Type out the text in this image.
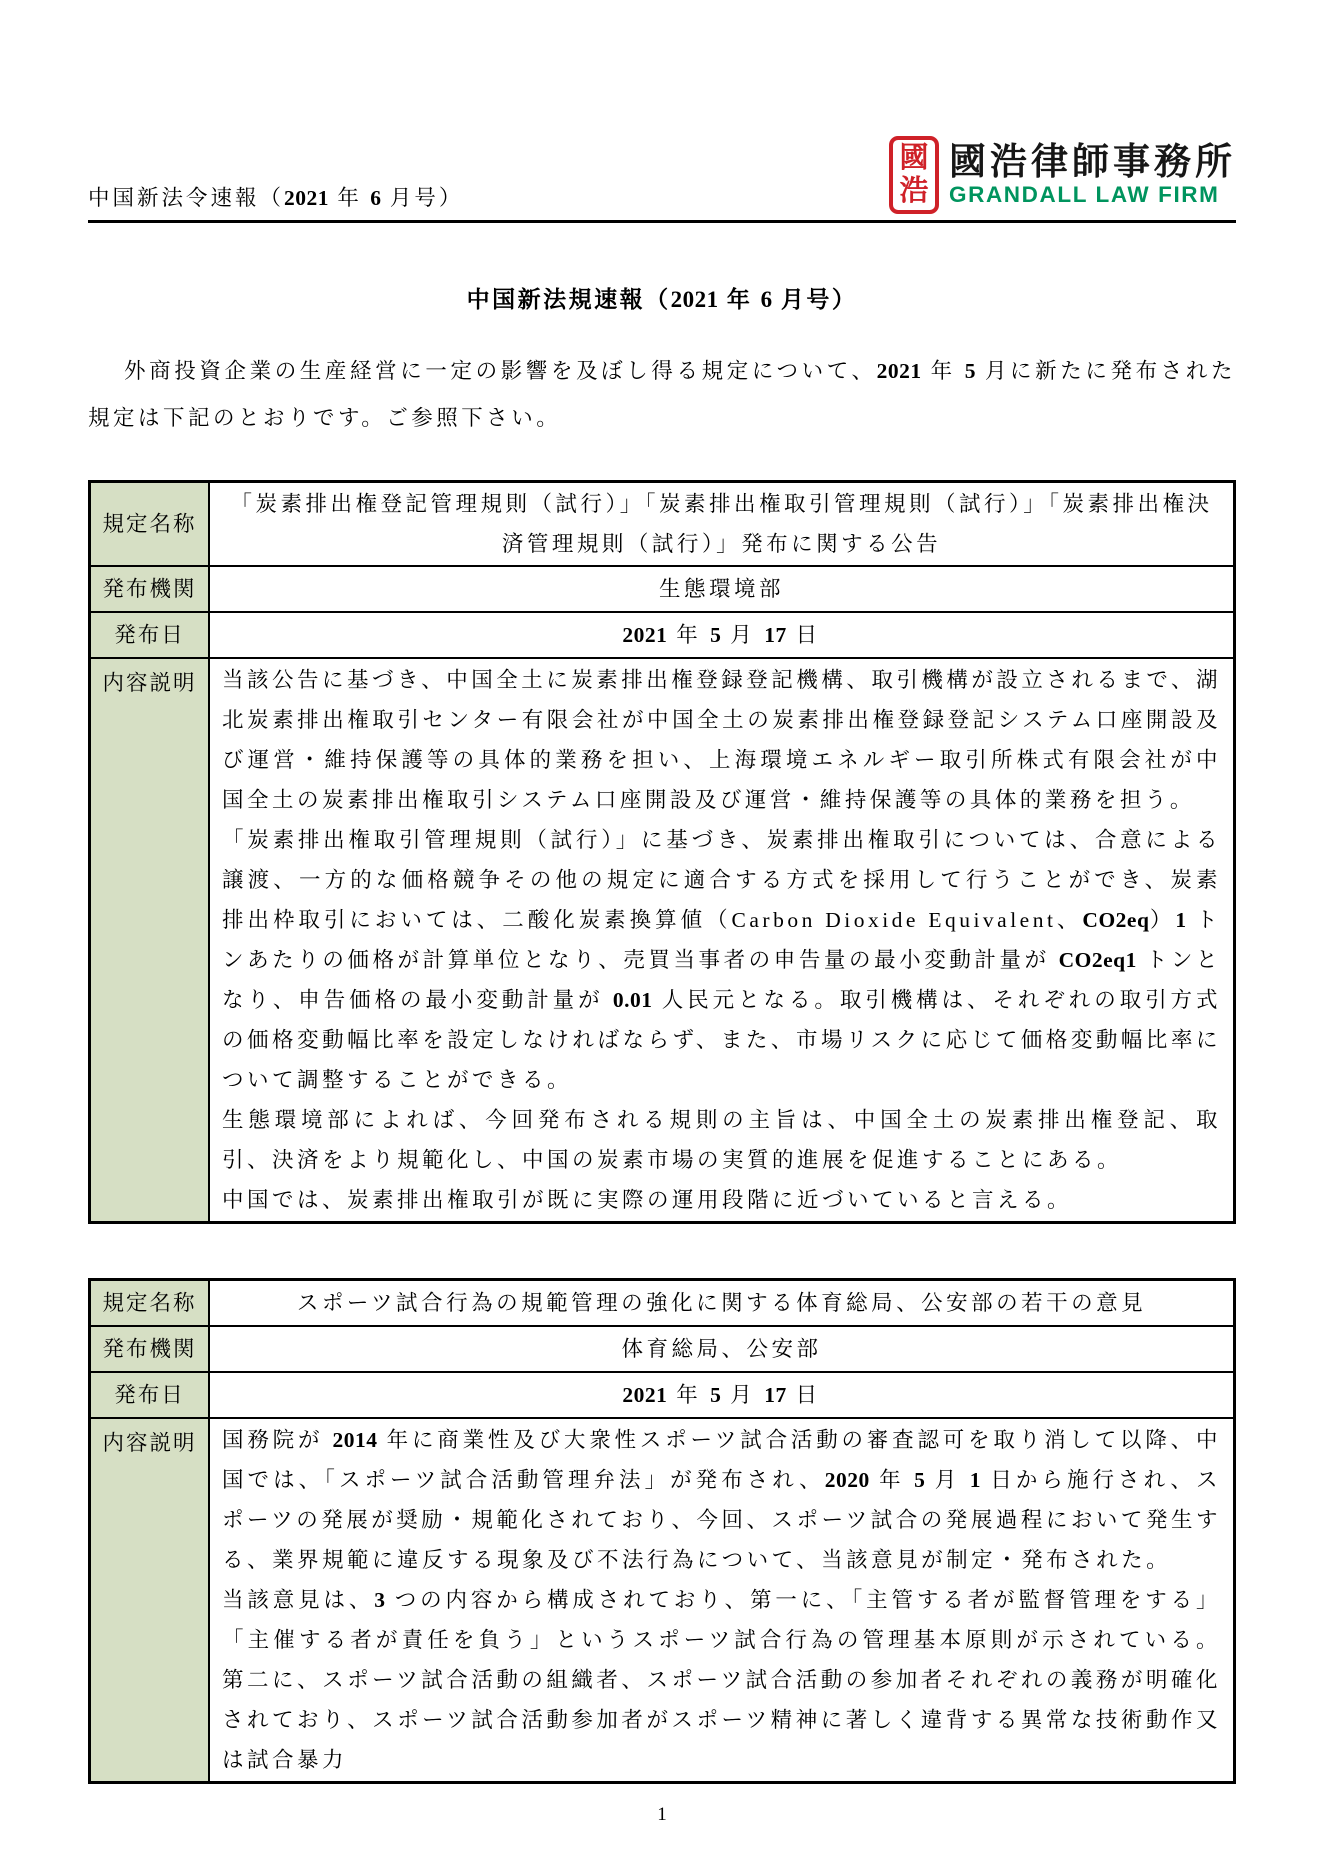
中国新法令速報（2021 年 6 月号）
國
浩
國浩律師事務所
GRANDALL LAW FIRM
中国新法規速報（2021 年 6 月号）
外商投資企業の生産経営に一定の影響を及ぼし得る規定について、2021 年 5 月に新たに発布された規定は下記のとおりです。ご参照下さい。
規定名称	「炭素排出権登記管理規則（試行）」「炭素排出権取引管理規則（試行）」「炭素排出権決済管理規則（試行）」発布に関する公告
発布機関	生態環境部
発布日	2021 年 5 月 17 日
内容説明	当該公告に基づき、中国全土に炭素排出権登録登記機構、取引機構が設立されるまで、湖北炭素排出権取引センター有限会社が中国全土の炭素排出権登録登記システム口座開設及び運営・維持保護等の具体的業務を担い、上海環境エネルギー取引所株式有限会社が中国全土の炭素排出権取引システム口座開設及び運営・維持保護等の具体的業務を担う。

「炭素排出権取引管理規則（試行）」に基づき、炭素排出権取引については、合意による譲渡、一方的な価格競争その他の規定に適合する方式を採用して行うことができ、炭素排出枠取引においては、二酸化炭素換算値（Carbon Dioxide Equivalent、CO2eq）1 トンあたりの価格が計算単位となり、売買当事者の申告量の最小変動計量が CO2eq1 トンとなり、申告価格の最小変動計量が 0.01 人民元となる。取引機構は、それぞれの取引方式の価格変動幅比率を設定しなければならず、また、市場リスクに応じて価格変動幅比率について調整することができる。

生態環境部によれば、今回発布される規則の主旨は、中国全土の炭素排出権登記、取引、決済をより規範化し、中国の炭素市場の実質的進展を促進することにある。

中国では、炭素排出権取引が既に実際の運用段階に近づいていると言える。

規定名称	スポーツ試合行為の規範管理の強化に関する体育総局、公安部の若干の意見
発布機関	体育総局、公安部
発布日	2021 年 5 月 17 日
内容説明	国務院が 2014 年に商業性及び大衆性スポーツ試合活動の審査認可を取り消して以降、中国では、「スポーツ試合活動管理弁法」が発布され、2020 年 5 月 1 日から施行され、スポーツの発展が奨励・規範化されており、今回、スポーツ試合の発展過程において発生する、業界規範に違反する現象及び不法行為について、当該意見が制定・発布された。

当該意見は、3 つの内容から構成されており、第一に、「主管する者が監督管理をする」「主催する者が責任を負う」というスポーツ試合行為の管理基本原則が示されている。第二に、スポーツ試合活動の組織者、スポーツ試合活動の参加者それぞれの義務が明確化されており、スポーツ試合活動参加者がスポーツ精神に著しく違背する異常な技術動作又は試合暴力

1
